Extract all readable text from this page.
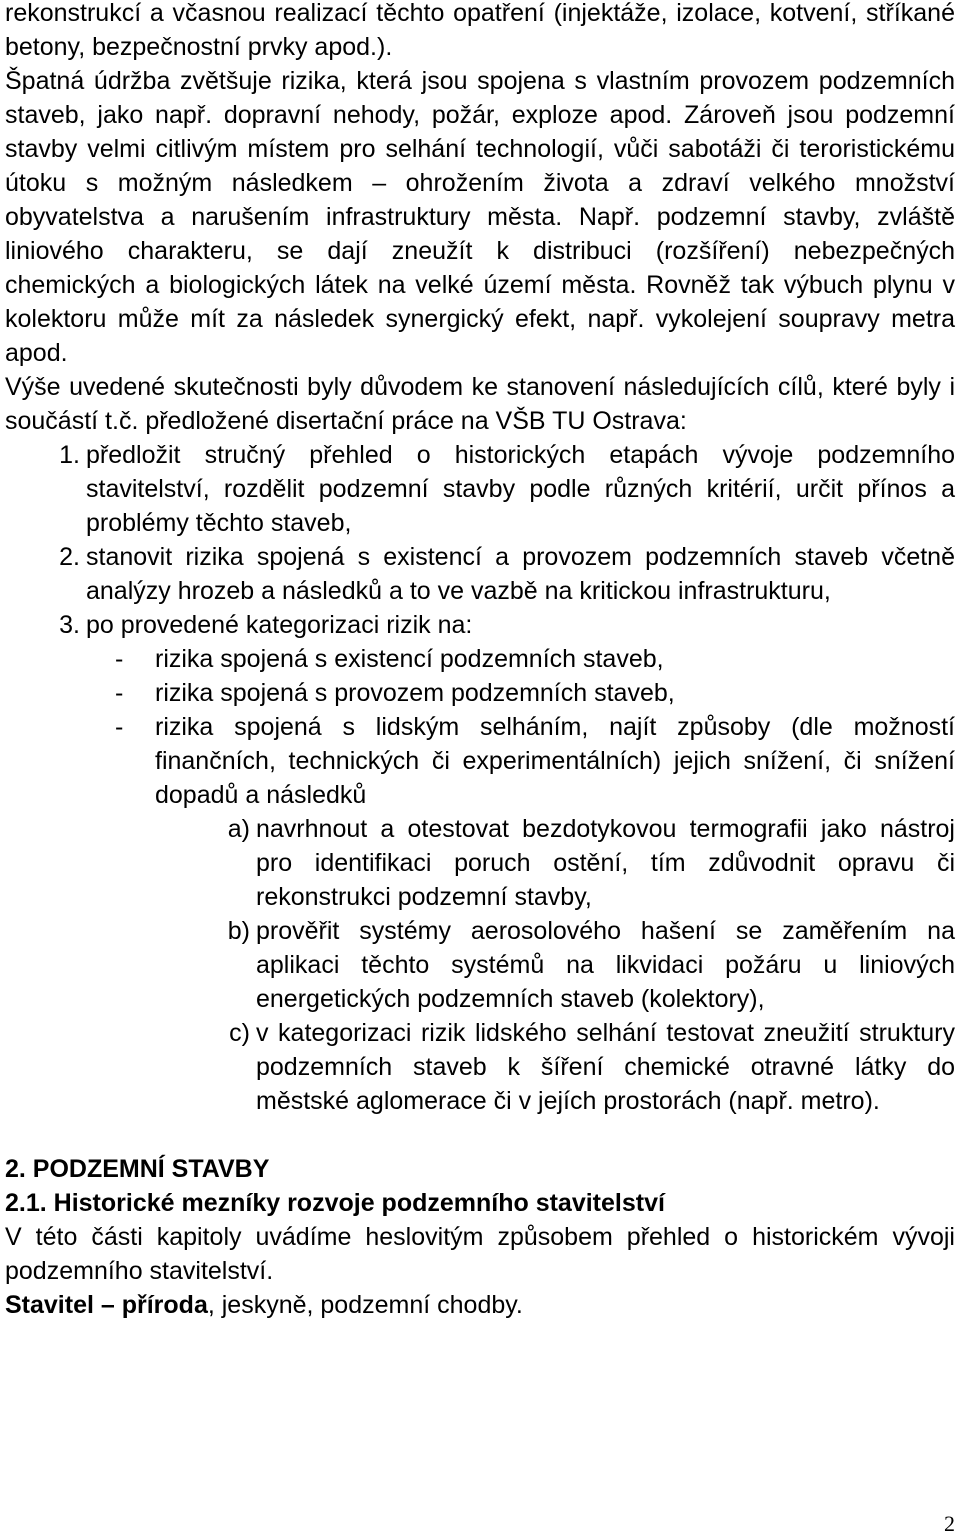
rekonstrukcí a včasnou realizací těchto opatření (injektáže, izolace, kotvení, stříkané betony, bezpečnostní prvky apod.).

Špatná údržba zvětšuje rizika, která jsou spojena s vlastním provozem podzemních staveb, jako např. dopravní nehody, požár, exploze apod. Zároveň jsou podzemní stavby velmi citlivým místem pro selhání technologií, vůči sabotáži či teroristickému útoku s možným následkem – ohrožením života a zdraví velkého množství obyvatelstva a narušením infrastruktury města. Např. podzemní stavby, zvláště liniového charakteru, se dají zneužít k distribuci (rozšíření) nebezpečných chemických a biologických látek na velké území města. Rovněž tak výbuch plynu v kolektoru může mít za následek synergický efekt, např. vykolejení soupravy metra apod.

Výše uvedené skutečnosti byly důvodem ke stanovení následujících cílů, které byly i součástí t.č. předložené disertační práce na VŠB TU Ostrava:

1. předložit stručný přehled o historických etapách vývoje podzemního stavitelství, rozdělit podzemní stavby podle různých kritérií, určit přínos a problémy těchto staveb,
2. stanovit rizika spojená s existencí a provozem podzemních staveb včetně analýzy hrozeb a následků a to ve vazbě na kritickou infrastrukturu,
3. po provedené kategorizaci rizik na:
-	rizika spojená s existencí podzemních staveb,
-	rizika spojená s provozem podzemních staveb,
-	rizika spojená s lidským selháním, najít způsoby (dle možností finančních, technických či experimentálních) jejich snížení, či snížení dopadů a následků
a) navrhnout a otestovat bezdotykovou termografii jako nástroj pro identifikaci poruch ostění, tím zdůvodnit opravu či rekonstrukci podzemní stavby,
b) prověřit systémy aerosolového hašení se zaměřením na aplikaci těchto systémů na likvidaci požáru u liniových energetických podzemních staveb (kolektory),
c) v kategorizaci rizik lidského selhání testovat zneužití struktury podzemních staveb k šíření chemické otravné látky do městské aglomerace či v jejích prostorách (např. metro).

2. PODZEMNÍ STAVBY

2.1. Historické mezníky rozvoje podzemního stavitelství

V této části kapitoly uvádíme heslovitým způsobem přehled o historickém vývoji podzemního stavitelství.

Stavitel – příroda, jeskyně, podzemní chodby.

2
